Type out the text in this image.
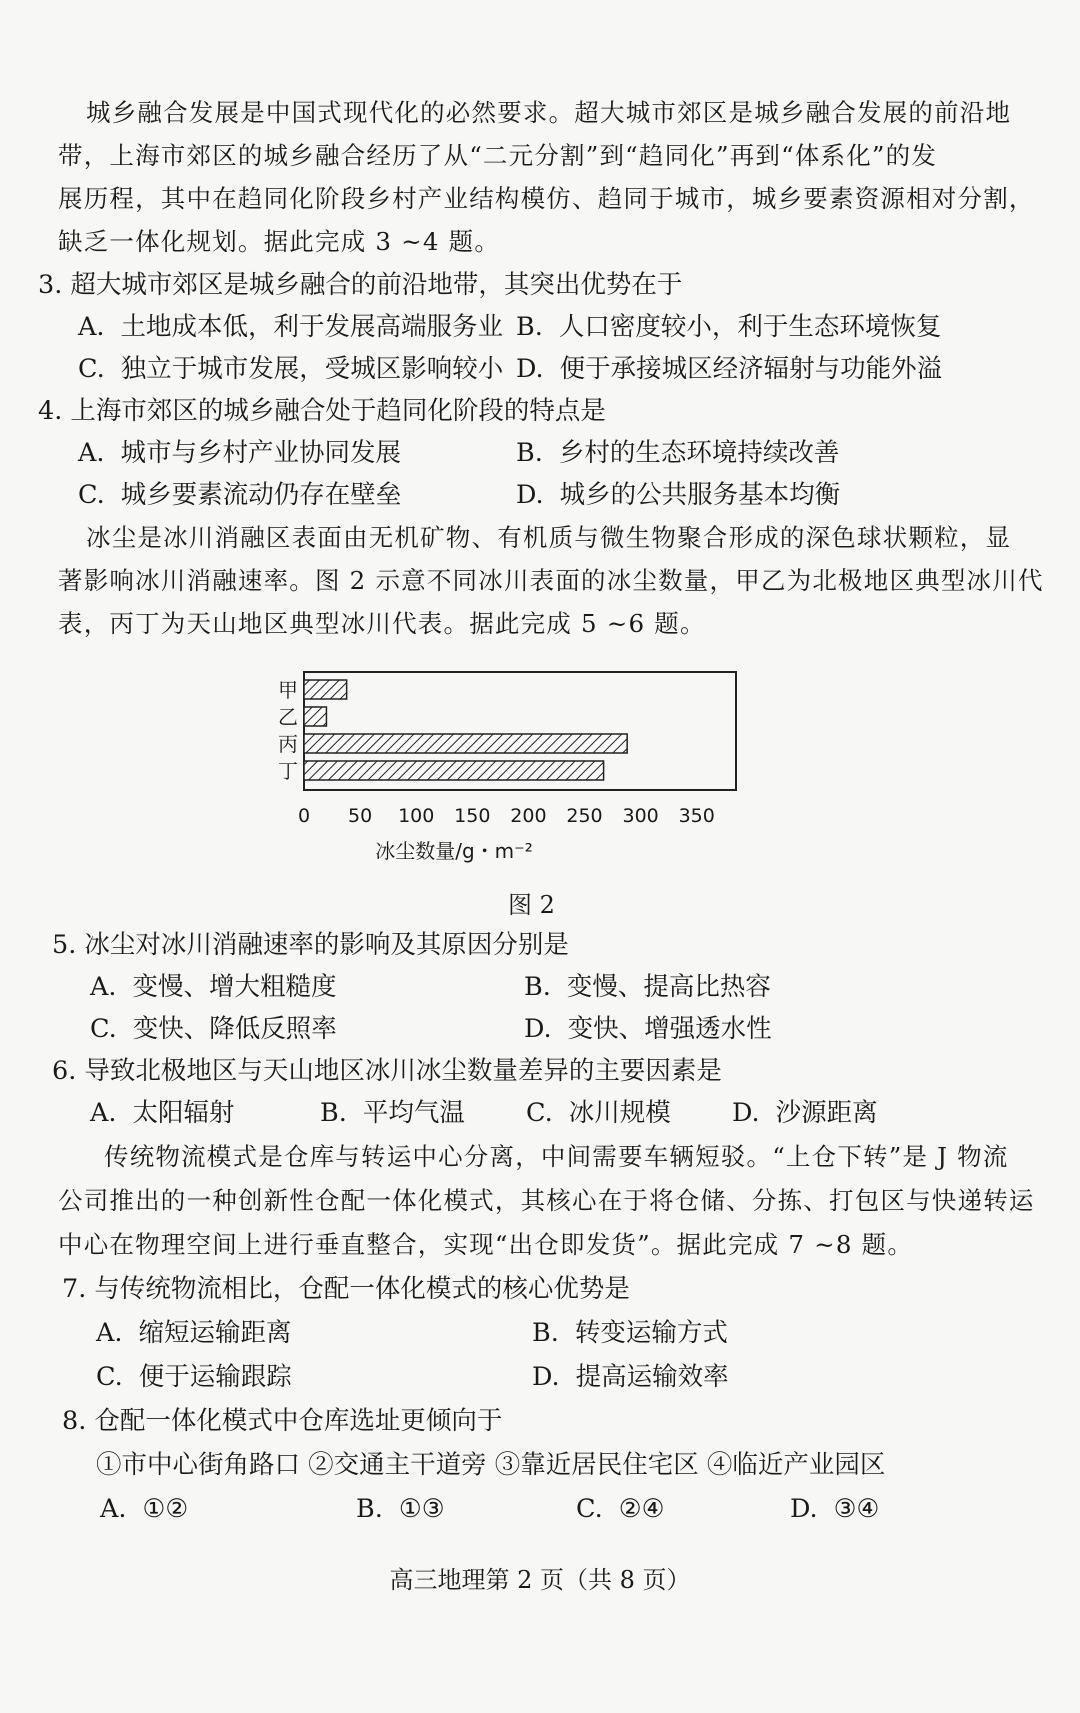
城乡融合发展是中国式现代化的必然要求。超大城市郊区是城乡融合发展的前沿地
带，上海市郊区的城乡融合经历了从“二元分割”到“趋同化”再到“体系化”的发
展历程，其中在趋同化阶段乡村产业结构模仿、趋同于城市，城乡要素资源相对分割，
缺乏一体化规划。据此完成 3 ~4 题。
3. 超大城市郊区是城乡融合的前沿地带，其突出优势在于
A. 土地成本低，利于发展高端服务业 B. 人口密度较小，利于生态环境恢复
C. 独立于城市发展，受城区影响较小 D. 便于承接城区经济辐射与功能外溢
4. 上海市郊区的城乡融合处于趋同化阶段的特点是
A. 城市与乡村产业协同发展	B. 乡村的生态环境持续改善
C. 城乡要素流动仍存在壁垒	D. 城乡的公共服务基本均衡
冰尘是冰川消融区表面由无机矿物、有机质与微生物聚合形成的深色球状颗粒，显
著影响冰川消融速率。图 2 示意不同冰川表面的冰尘数量，甲乙为北极地区典型冰川代
表，丙丁为天山地区典型冰川代表。据此完成 5 ~6 题。
甲
乙
丙
丁
0 50 100 150 200 250 300 350
冰尘数量/g・m⁻²
图 2
5. 冰尘对冰川消融速率的影响及其原因分别是
A. 变慢、增大粗糙度	B. 变慢、提高比热容
C. 变快、降低反照率	D. 变快、增强透水性
6. 导致北极地区与天山地区冰川冰尘数量差异的主要因素是
A. 太阳辐射	B. 平均气温 C. 冰川规模 D. 沙源距离
传统物流模式是仓库与转运中心分离，中间需要车辆短驳。“上仓下转”是 J 物流
公司推出的一种创新性仓配一体化模式，其核心在于将仓储、分拣、打包区与快递转运
中心在物理空间上进行垂直整合，实现“出仓即发货”。据此完成 7 ~8 题。
7. 与传统物流相比，仓配一体化模式的核心优势是
A. 缩短运输距离	B. 转变运输方式
C. 便于运输跟踪	D. 提高运输效率
8. 仓配一体化模式中仓库选址更倾向于
①市中心街角路口 ②交通主干道旁 ③靠近居民住宅区 ④临近产业园区
A. ①②	B. ①③	C. ②④	D. ③④
高三地理第 2 页（共 8 页）
